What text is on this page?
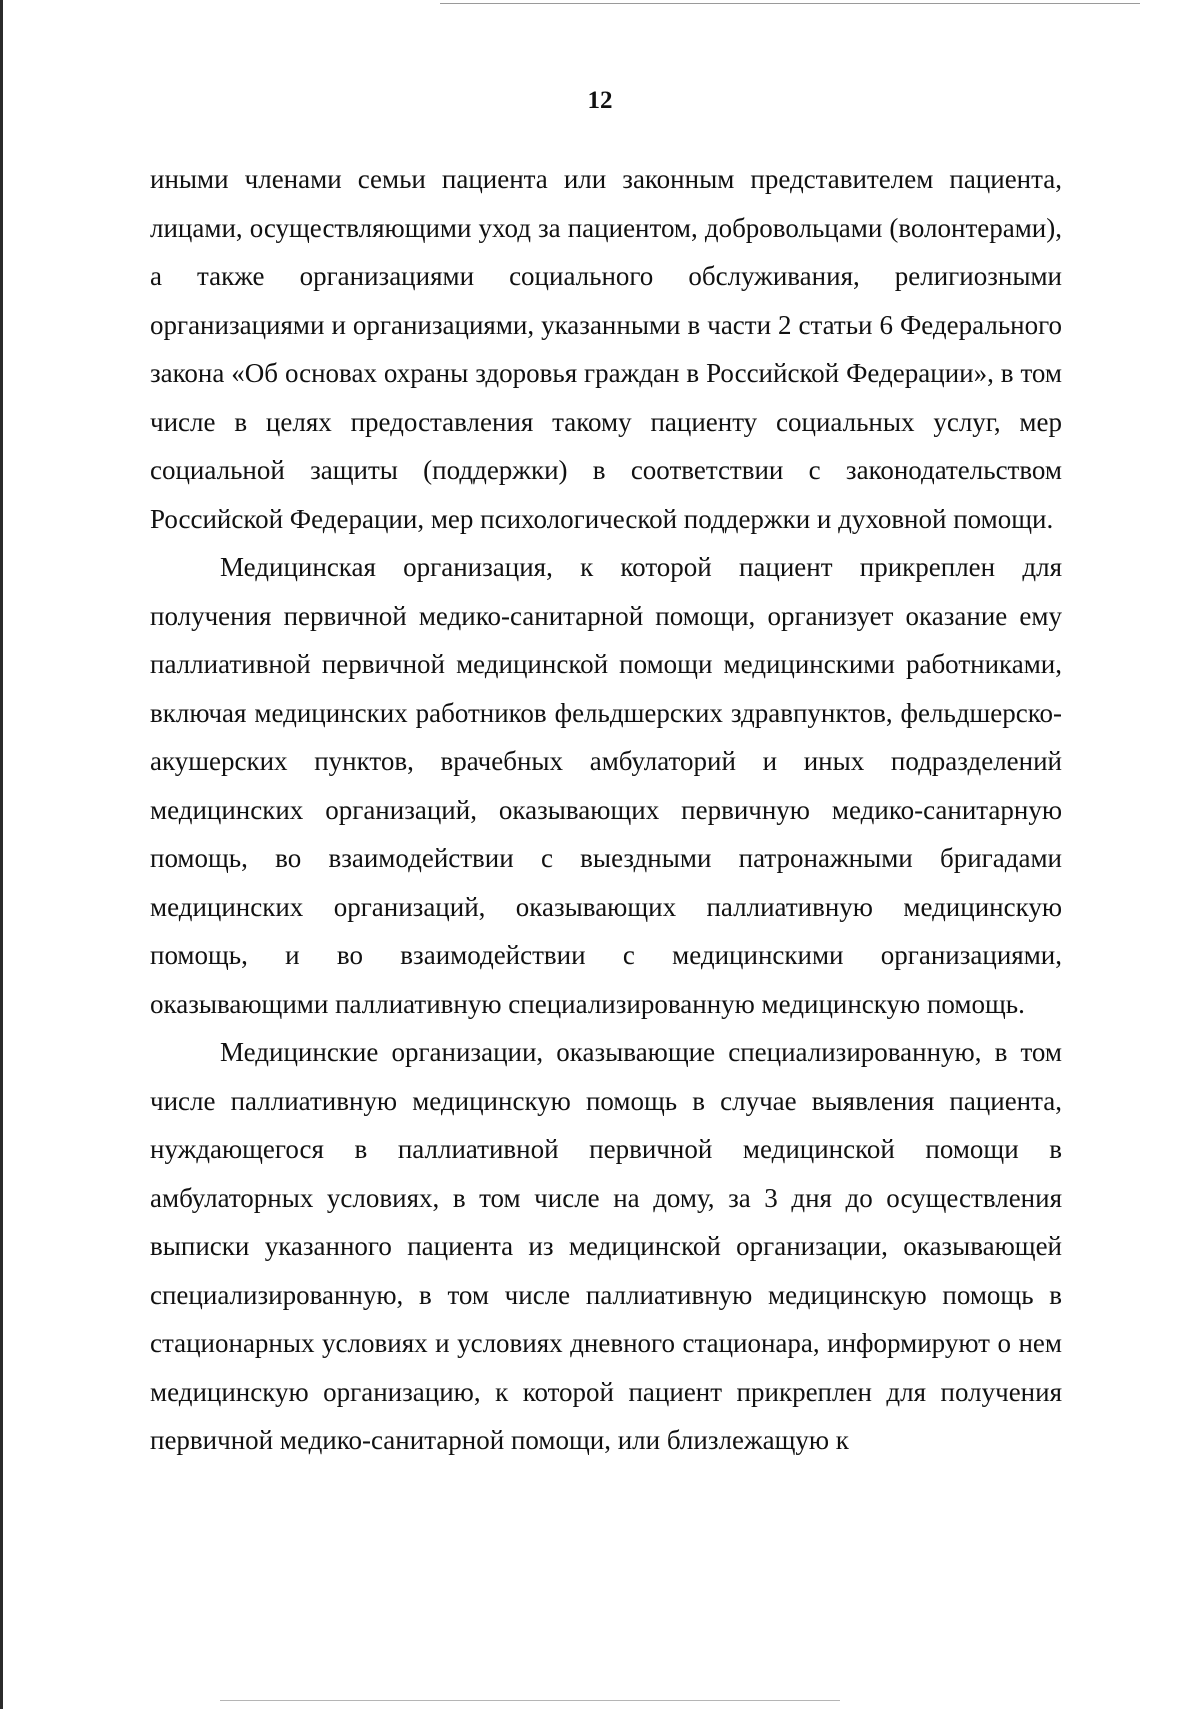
12

иными членами семьи пациента или законным представителем пациента, лицами, осуществляющими уход за пациентом, добровольцами (волонтерами), а также организациями социального обслуживания, религиозными организациями и организациями, указанными в части 2 статьи 6 Федерального закона «Об основах охраны здоровья граждан в Российской Федерации», в том числе в целях предоставления такому пациенту социальных услуг, мер социальной защиты (поддержки) в соответствии с законодательством Российской Федерации, мер психологической поддержки и духовной помощи.

Медицинская организация, к которой пациент прикреплен для получения первичной медико-санитарной помощи, организует оказание ему паллиативной первичной медицинской помощи медицинскими работниками, включая медицинских работников фельдшерских здравпунктов, фельдшерско-акушерских пунктов, врачебных амбулаторий и иных подразделений медицинских организаций, оказывающих первичную медико-санитарную помощь, во взаимодействии с выездными патронажными бригадами медицинских организаций, оказывающих паллиативную медицинскую помощь, и во взаимодействии с медицинскими организациями, оказывающими паллиативную специализированную медицинскую помощь.

Медицинские организации, оказывающие специализированную, в том числе паллиативную медицинскую помощь в случае выявления пациента, нуждающегося в паллиативной первичной медицинской помощи в амбулаторных условиях, в том числе на дому, за 3 дня до осуществления выписки указанного пациента из медицинской организации, оказывающей специализированную, в том числе паллиативную медицинскую помощь в стационарных условиях и условиях дневного стационара, информируют о нем медицинскую организацию, к которой пациент прикреплен для получения первичной медико-санитарной помощи, или близлежащую к
